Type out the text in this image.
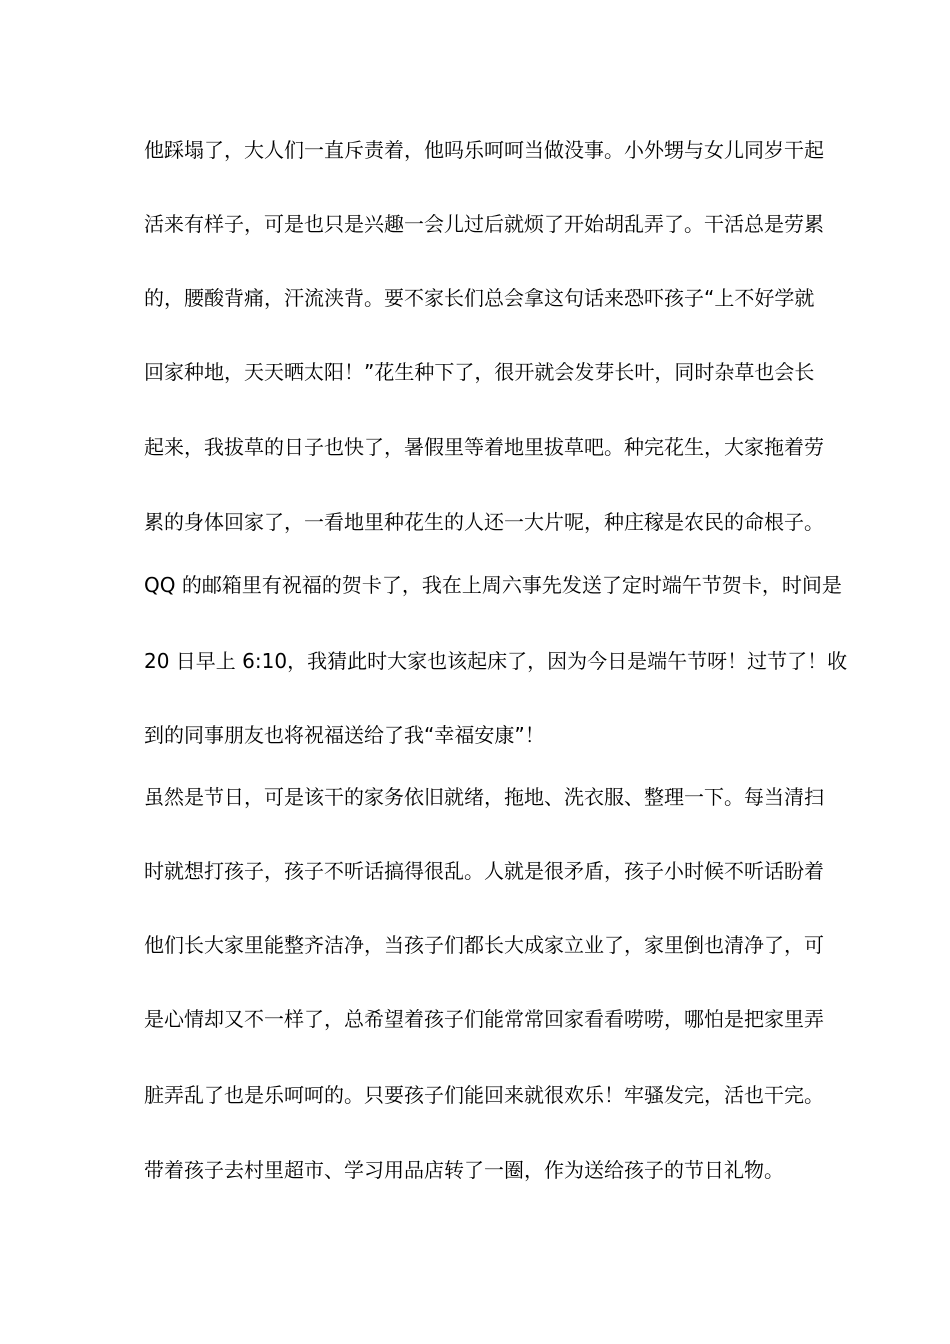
他踩塌了，大人们一直斥责着，他吗乐呵呵当做没事。小外甥与女儿同岁干起
活来有样子，可是也只是兴趣一会儿过后就烦了开始胡乱弄了。干活总是劳累
的，腰酸背痛，汗流浃背。要不家长们总会拿这句话来恐吓孩子“上不好学就
回家种地，天天晒太阳！”花生种下了，很开就会发芽长叶，同时杂草也会长
起来，我拔草的日子也快了，暑假里等着地里拔草吧。种完花生，大家拖着劳
累的身体回家了，一看地里种花生的人还一大片呢，种庄稼是农民的命根子。
QQ 的邮箱里有祝福的贺卡了，我在上周六事先发送了定时端午节贺卡，时间是
20 日早上 6:10，我猜此时大家也该起床了，因为今日是端午节呀！过节了！收
到的同事朋友也将祝福送给了我“幸福安康”！
虽然是节日，可是该干的家务依旧就绪，拖地、洗衣服、整理一下。每当清扫
时就想打孩子，孩子不听话搞得很乱。人就是很矛盾，孩子小时候不听话盼着
他们长大家里能整齐洁净，当孩子们都长大成家立业了，家里倒也清净了，可
是心情却又不一样了，总希望着孩子们能常常回家看看唠唠，哪怕是把家里弄
脏弄乱了也是乐呵呵的。只要孩子们能回来就很欢乐！牢骚发完，活也干完。
带着孩子去村里超市、学习用品店转了一圈，作为送给孩子的节日礼物。
